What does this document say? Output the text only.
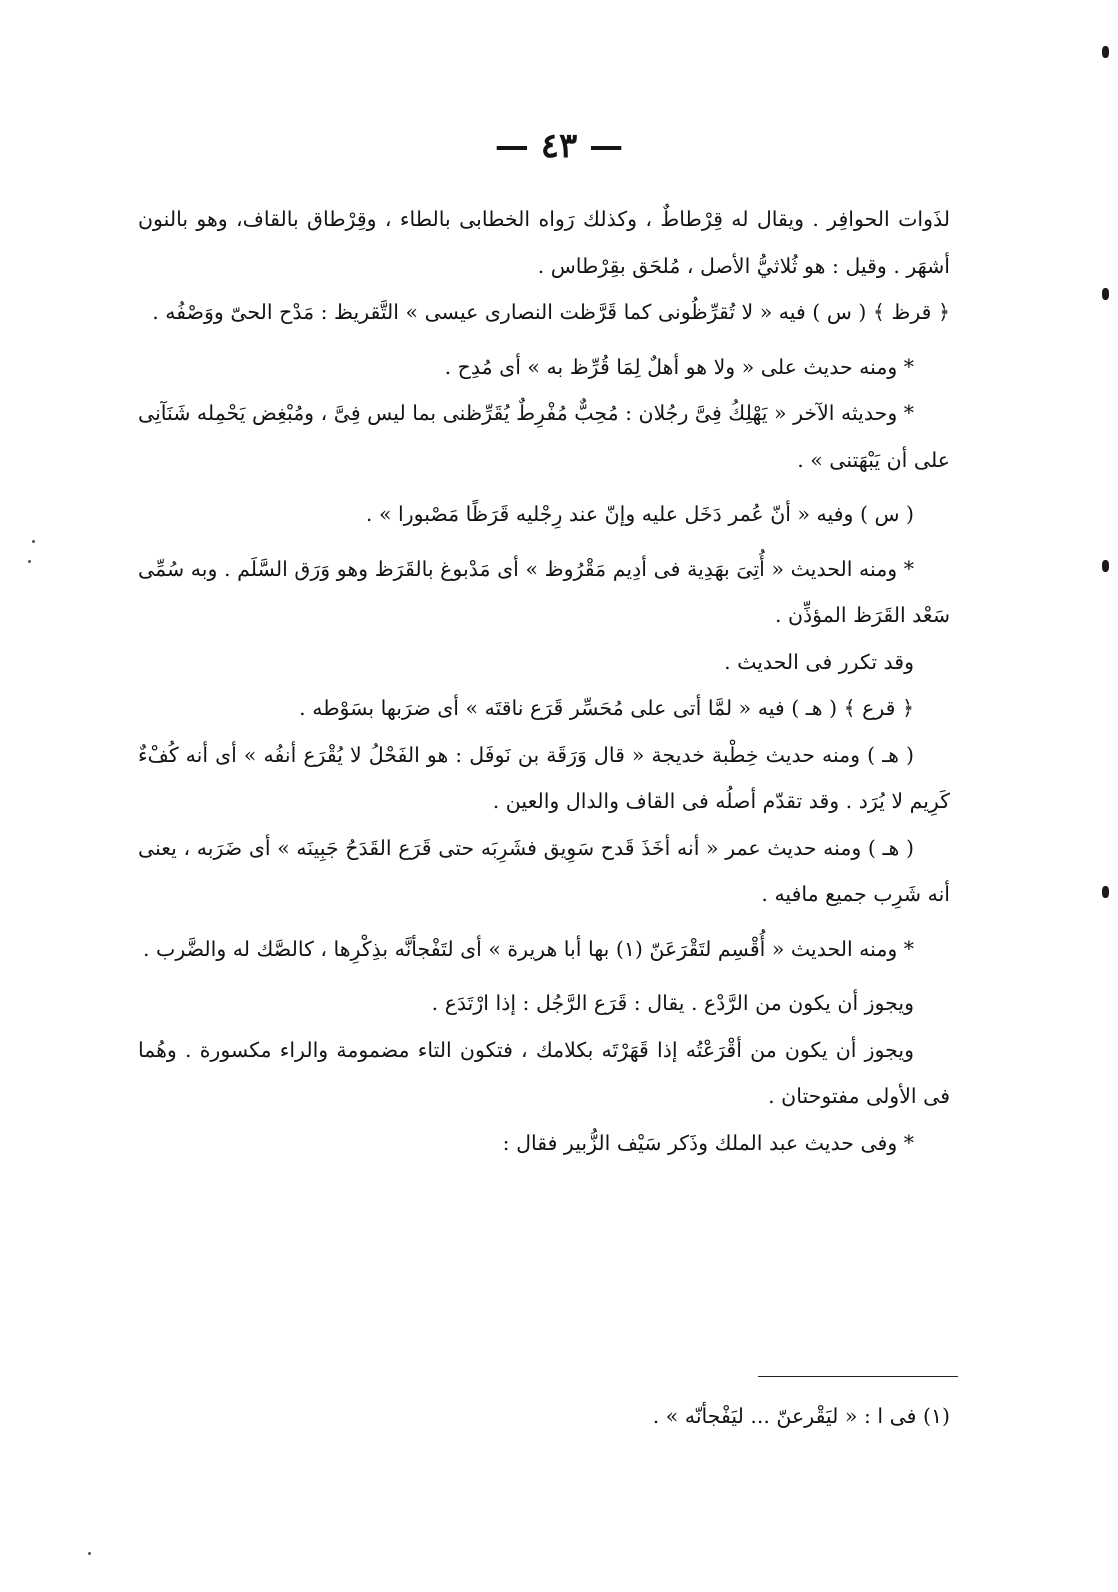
— ٤٣ —

لذَوات الحوافِر . ويقال له قِرْطاطٌ ، وكذلك رَواه الخطابى بالطاء ، وقِرْطاق بالقاف، وهو بالنون أشهَر . وقيل : هو ثُلاثيُّ الأصل ، مُلحَق بقِرْطاس .

﴿ قرظ ﴾ ( س ) فيه « لا تُقرِّظُونى كما قَرَّظت النصارى عيسى » التَّقريظ : مَدْح الحىّ ووَصْفُه .

* ومنه حديث على « ولا هو أهلٌ لِمَا قُرِّظ به » أى مُدِح .

* وحديثه الآخر « يَهْلِكُ فِىَّ رجُلان : مُحِبٌّ مُفْرِطٌ يُقَرِّظنى بما ليس فِىَّ ، ومُبْغِض يَحْمِله شَنَآنِى على أن يَبْهَتنى » .

( س ) وفيه « أنّ عُمر دَخَل عليه وإنّ عند رِجْليه قَرَظًا مَصْبورا » .

* ومنه الحديث « أُتِىَ بهَدِية فى أدِيم مَقْرُوظ » أى مَدْبوغ بالقَرَظ وهو وَرَق السَّلَم . وبه سُمِّى سَعْد القَرَظ المؤذِّن .

وقد تكرر فى الحديث .

﴿ قرع ﴾ ( هـ ) فيه « لمَّا أتى على مُحَسِّر قَرَع ناقتَه » أى ضرَبها بسَوْطه .

( هـ ) ومنه حديث خِطْبة خديجة « قال وَرَقَة بن نَوفَل : هو الفَحْلُ لا يُقْرَع أنفُه » أى أنه كُفْءٌ كَرِيم لا يُرَد . وقد تقدّم أصلُه فى القاف والدال والعين .

( هـ ) ومنه حديث عمر « أنه أخَذَ قَدح سَوِيق فشَرِبَه حتى قَرَع القَدَحُ جَبِينَه » أى ضَرَبه ، يعنى أنه شَرِب جميع مافيه .

* ومنه الحديث « أُقْسِم لتَقْرَعَنّ (١) بها أبا هريرة » أى لتَفْجأنَّه بذِكْرِها ، كالصَّك له والضَّرب .

ويجوز أن يكون من الرَّدْع . يقال : قَرَع الرَّجُل : إذا ارْتَدَع .

ويجوز أن يكون من أقْرَعْتُه إذا قَهَرْتَه بكلامك ، فتكون التاء مضمومة والراء مكسورة . وهُما فى الأولى مفتوحتان .

* وفى حديث عبد الملك وذَكر سَيْف الزُّبير فقال :

(١) فى ا : « ليَقْرعنّ ... ليَفْجأنّه » .
